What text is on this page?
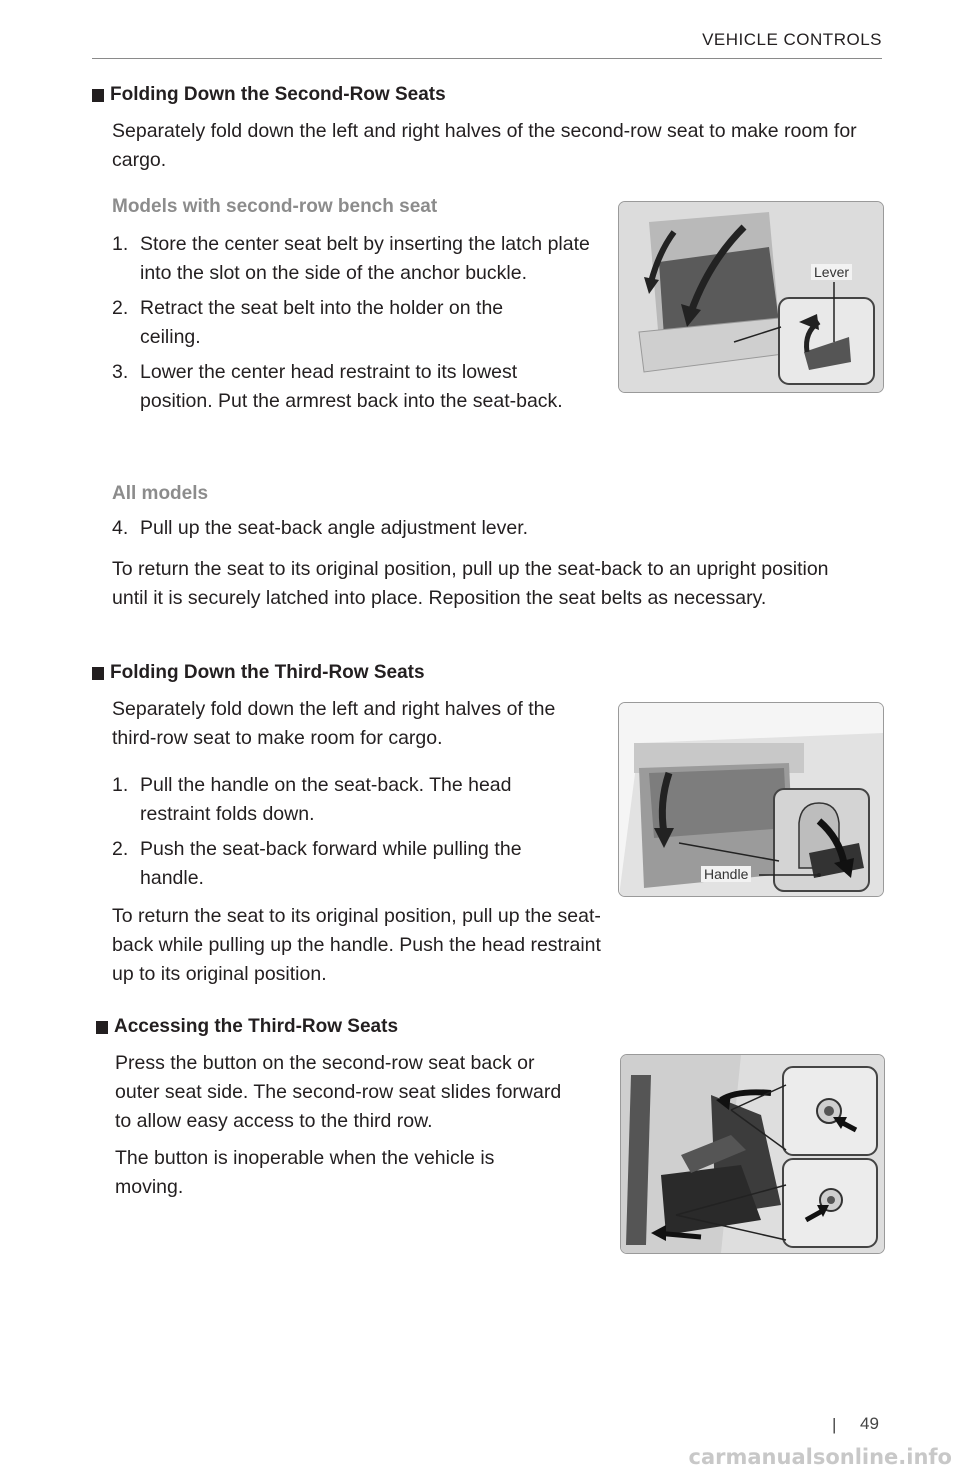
VEHICLE CONTROLS
Folding Down the Second-Row Seats
Separately fold down the left and right halves of the second-row seat to make room for cargo.
Models with second-row bench seat
1. Store the center seat belt by inserting the latch plate into the slot on the side of the anchor buckle.
2. Retract the seat belt into the holder on the ceiling.
3. Lower the center head restraint to its lowest position. Put the armrest back into the seat-back.
All models
4. Pull up the seat-back angle adjustment lever.
To return the seat to its original position, pull up the seat-back to an upright position until it is securely latched into place. Reposition the seat belts as necessary.
Lever
Folding Down the Third-Row Seats
Separately fold down the left and right halves of the third-row seat to make room for cargo.
1. Pull the handle on the seat-back. The head restraint folds down.
2. Push the seat-back forward while pulling the handle.
To return the seat to its original position, pull up the seat-back while pulling up the handle. Push the head restraint up to its original position.
Handle
Accessing the Third-Row Seats
Press the button on the second-row seat back or outer seat side. The second-row seat slides forward to allow easy access to the third row.
The button is inoperable when the vehicle is moving.
| 49
carmanualsonline.info
